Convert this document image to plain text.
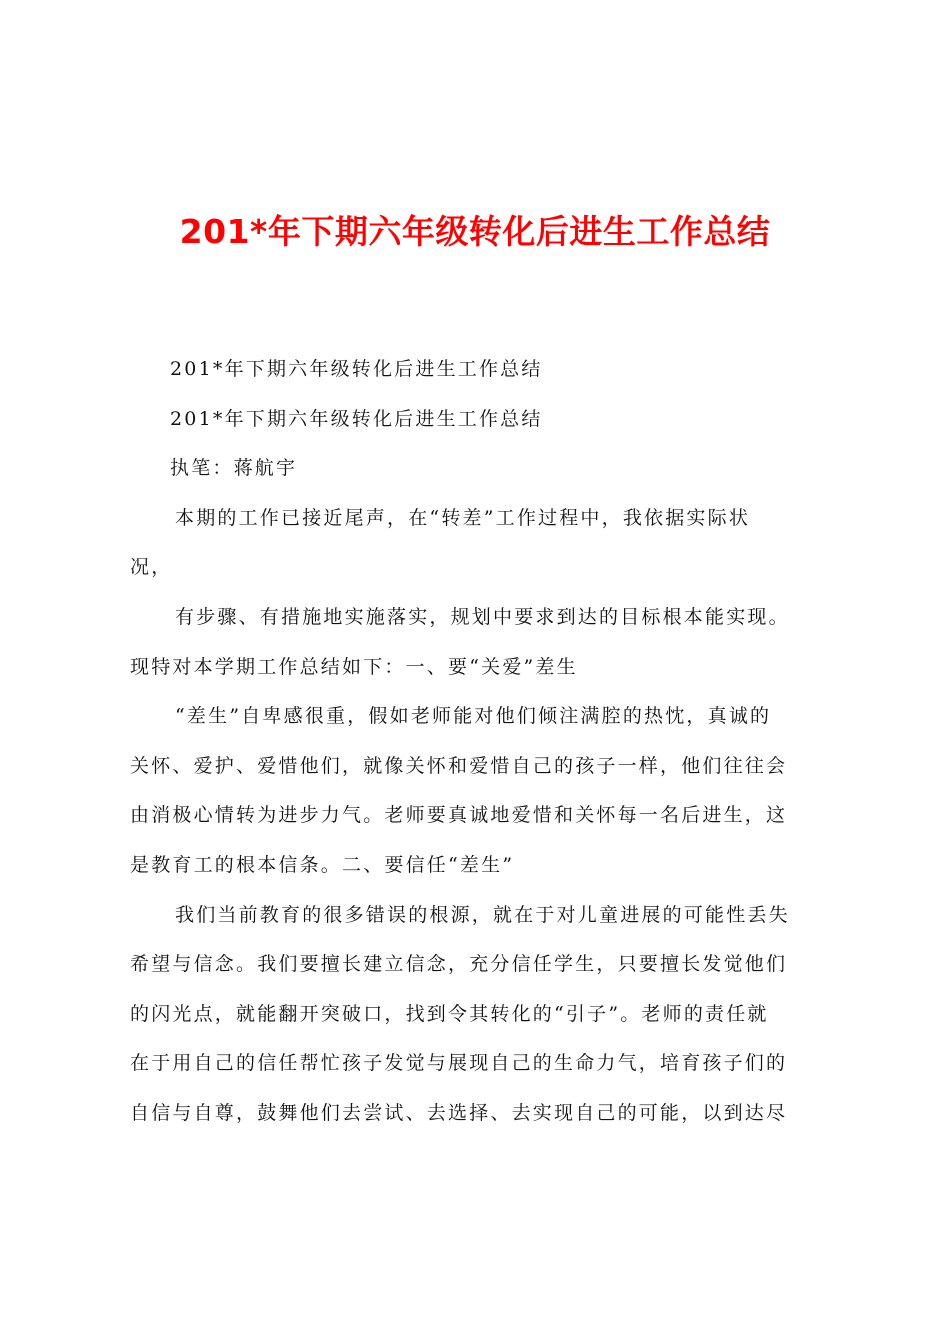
201*年下期六年级转化后进生工作总结
201*年下期六年级转化后进生工作总结
201*年下期六年级转化后进生工作总结
执笔：蒋航宇
本期的工作已接近尾声，在“转差”工作过程中，我依据实际状
况，
有步骤、有措施地实施落实，规划中要求到达的目标根本能实现。
现特对本学期工作总结如下：一、要“关爱”差生
“差生”自卑感很重，假如老师能对他们倾注满腔的热忱，真诚的
关怀、爱护、爱惜他们，就像关怀和爱惜自己的孩子一样，他们往往会
由消极心情转为进步力气。老师要真诚地爱惜和关怀每一名后进生，这
是教育工的根本信条。二、要信任“差生”
我们当前教育的很多错误的根源，就在于对儿童进展的可能性丢失
希望与信念。我们要擅长建立信念，充分信任学生，只要擅长发觉他们
的闪光点，就能翻开突破口，找到令其转化的“引子”。老师的责任就
在于用自己的信任帮忙孩子发觉与展现自己的生命力气，培育孩子们的
自信与自尊，鼓舞他们去尝试、去选择、去实现自己的可能，以到达尽
